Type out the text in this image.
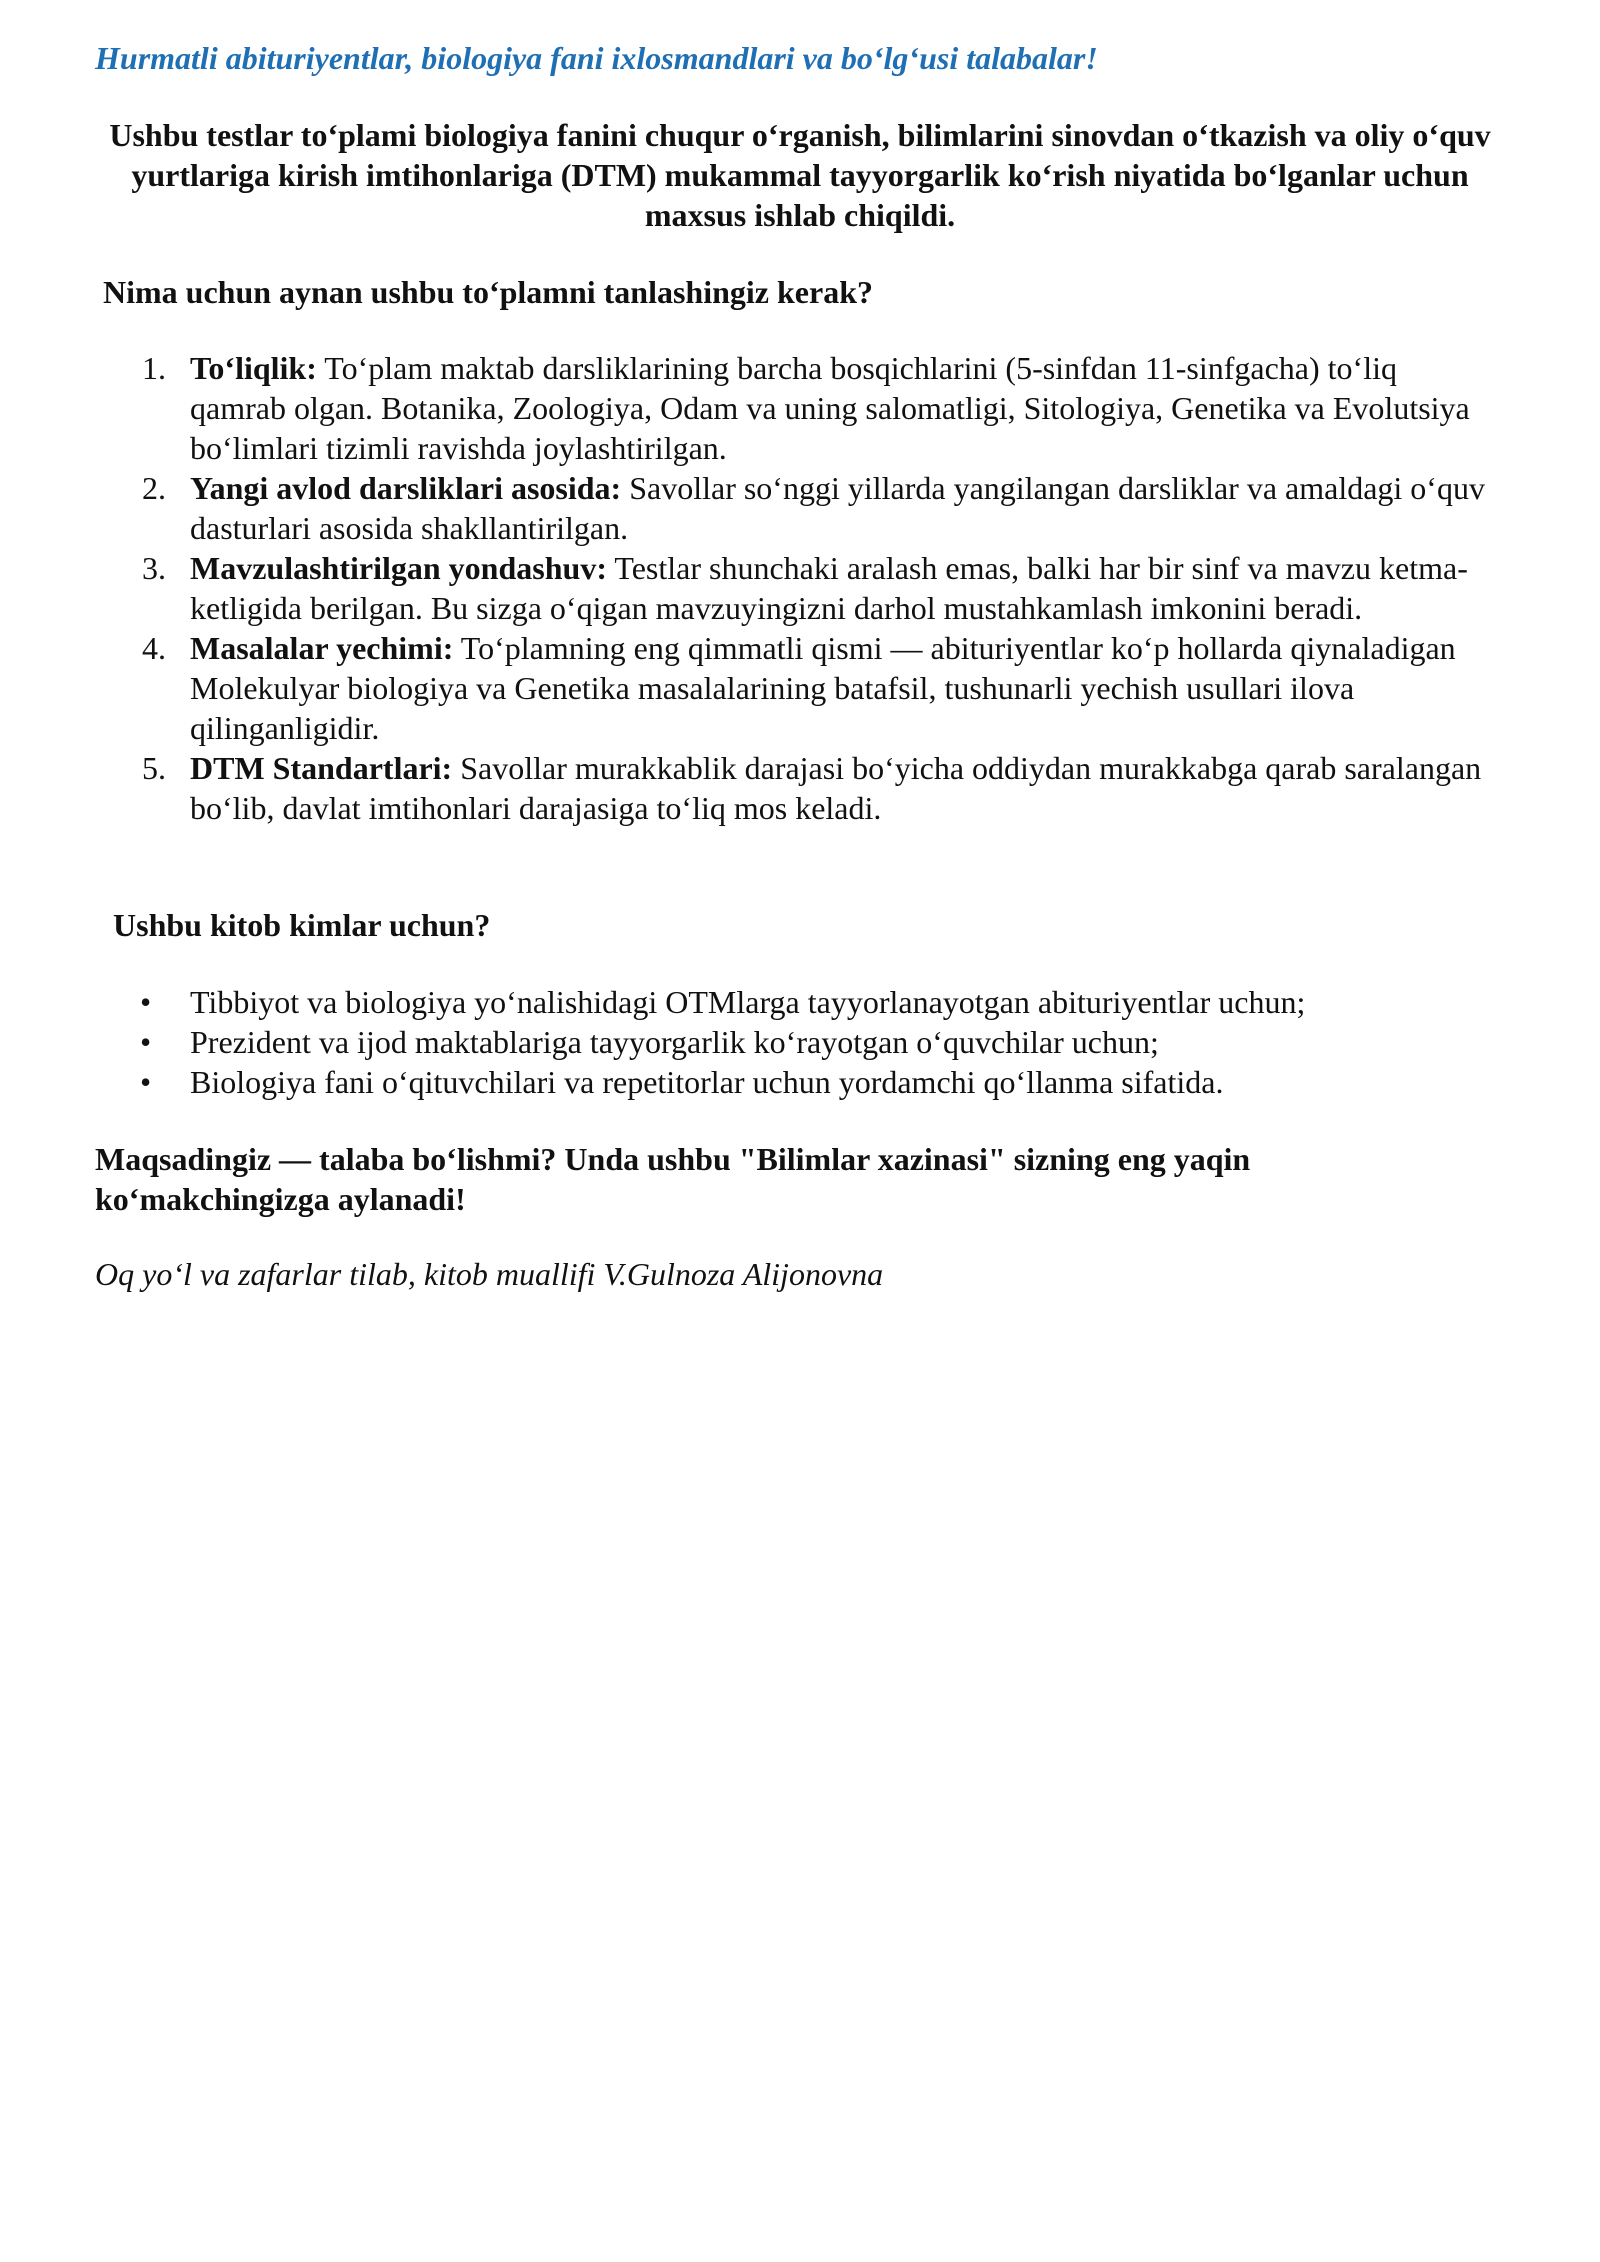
Hurmatli abituriyentlar, biologiya fani ixlosmandlari va bo‘lg‘usi talabalar!
Ushbu testlar to‘plami biologiya fanini chuqur o‘rganish, bilimlarini sinovdan o‘tkazish va oliy o‘quv yurtlariga kirish imtihonlariga (DTM) mukammal tayyorgarlik ko‘rish niyatida bo‘lganlar uchun maxsus ishlab chiqildi.
Nima uchun aynan ushbu to‘plamni tanlashingiz kerak?
1. To‘liqlik: To‘plam maktab darsliklarining barcha bosqichlarini (5-sinfdan 11-sinfgacha) to‘liq qamrab olgan. Botanika, Zoologiya, Odam va uning salomatligi, Sitologiya, Genetika va Evolutsiya bo‘limlari tizimli ravishda joylashtirilgan.
2. Yangi avlod darsliklari asosida: Savollar so‘nggi yillarda yangilangan darsliklar va amaldagi o‘quv dasturlari asosida shakllantirilgan.
3. Mavzulashtirilgan yondashuv: Testlar shunchaki aralash emas, balki har bir sinf va mavzu ketma-ketligida berilgan. Bu sizga o‘qigan mavzuyingizni darhol mustahkamlash imkonini beradi.
4. Masalalar yechimi: To‘plamning eng qimmatli qismi — abituriyentlar ko‘p hollarda qiynaladigan Molekulyar biologiya va Genetika masalalarining batafsil, tushunarli yechish usullari ilova qilinganligidir.
5. DTM Standartlari: Savollar murakkablik darajasi bo‘yicha oddiydan murakkabga qarab saralangan bo‘lib, davlat imtihonlari darajasiga to‘liq mos keladi.
Ushbu kitob kimlar uchun?
• Tibbiyot va biologiya yo‘nalishidagi OTMlarga tayyorlanayotgan abituriyentlar uchun;
• Prezident va ijod maktablariga tayyorgarlik ko‘rayotgan o‘quvchilar uchun;
• Biologiya fani o‘qituvchilari va repetitorlar uchun yordamchi qo‘llanma sifatida.
Maqsadingiz — talaba bo‘lishmi? Unda ushbu "Bilimlar xazinasi" sizning eng yaqin ko‘makchingizga aylanadi!
Oq yo‘l va zafarlar tilab, kitob muallifi V.Gulnoza Alijonovna
